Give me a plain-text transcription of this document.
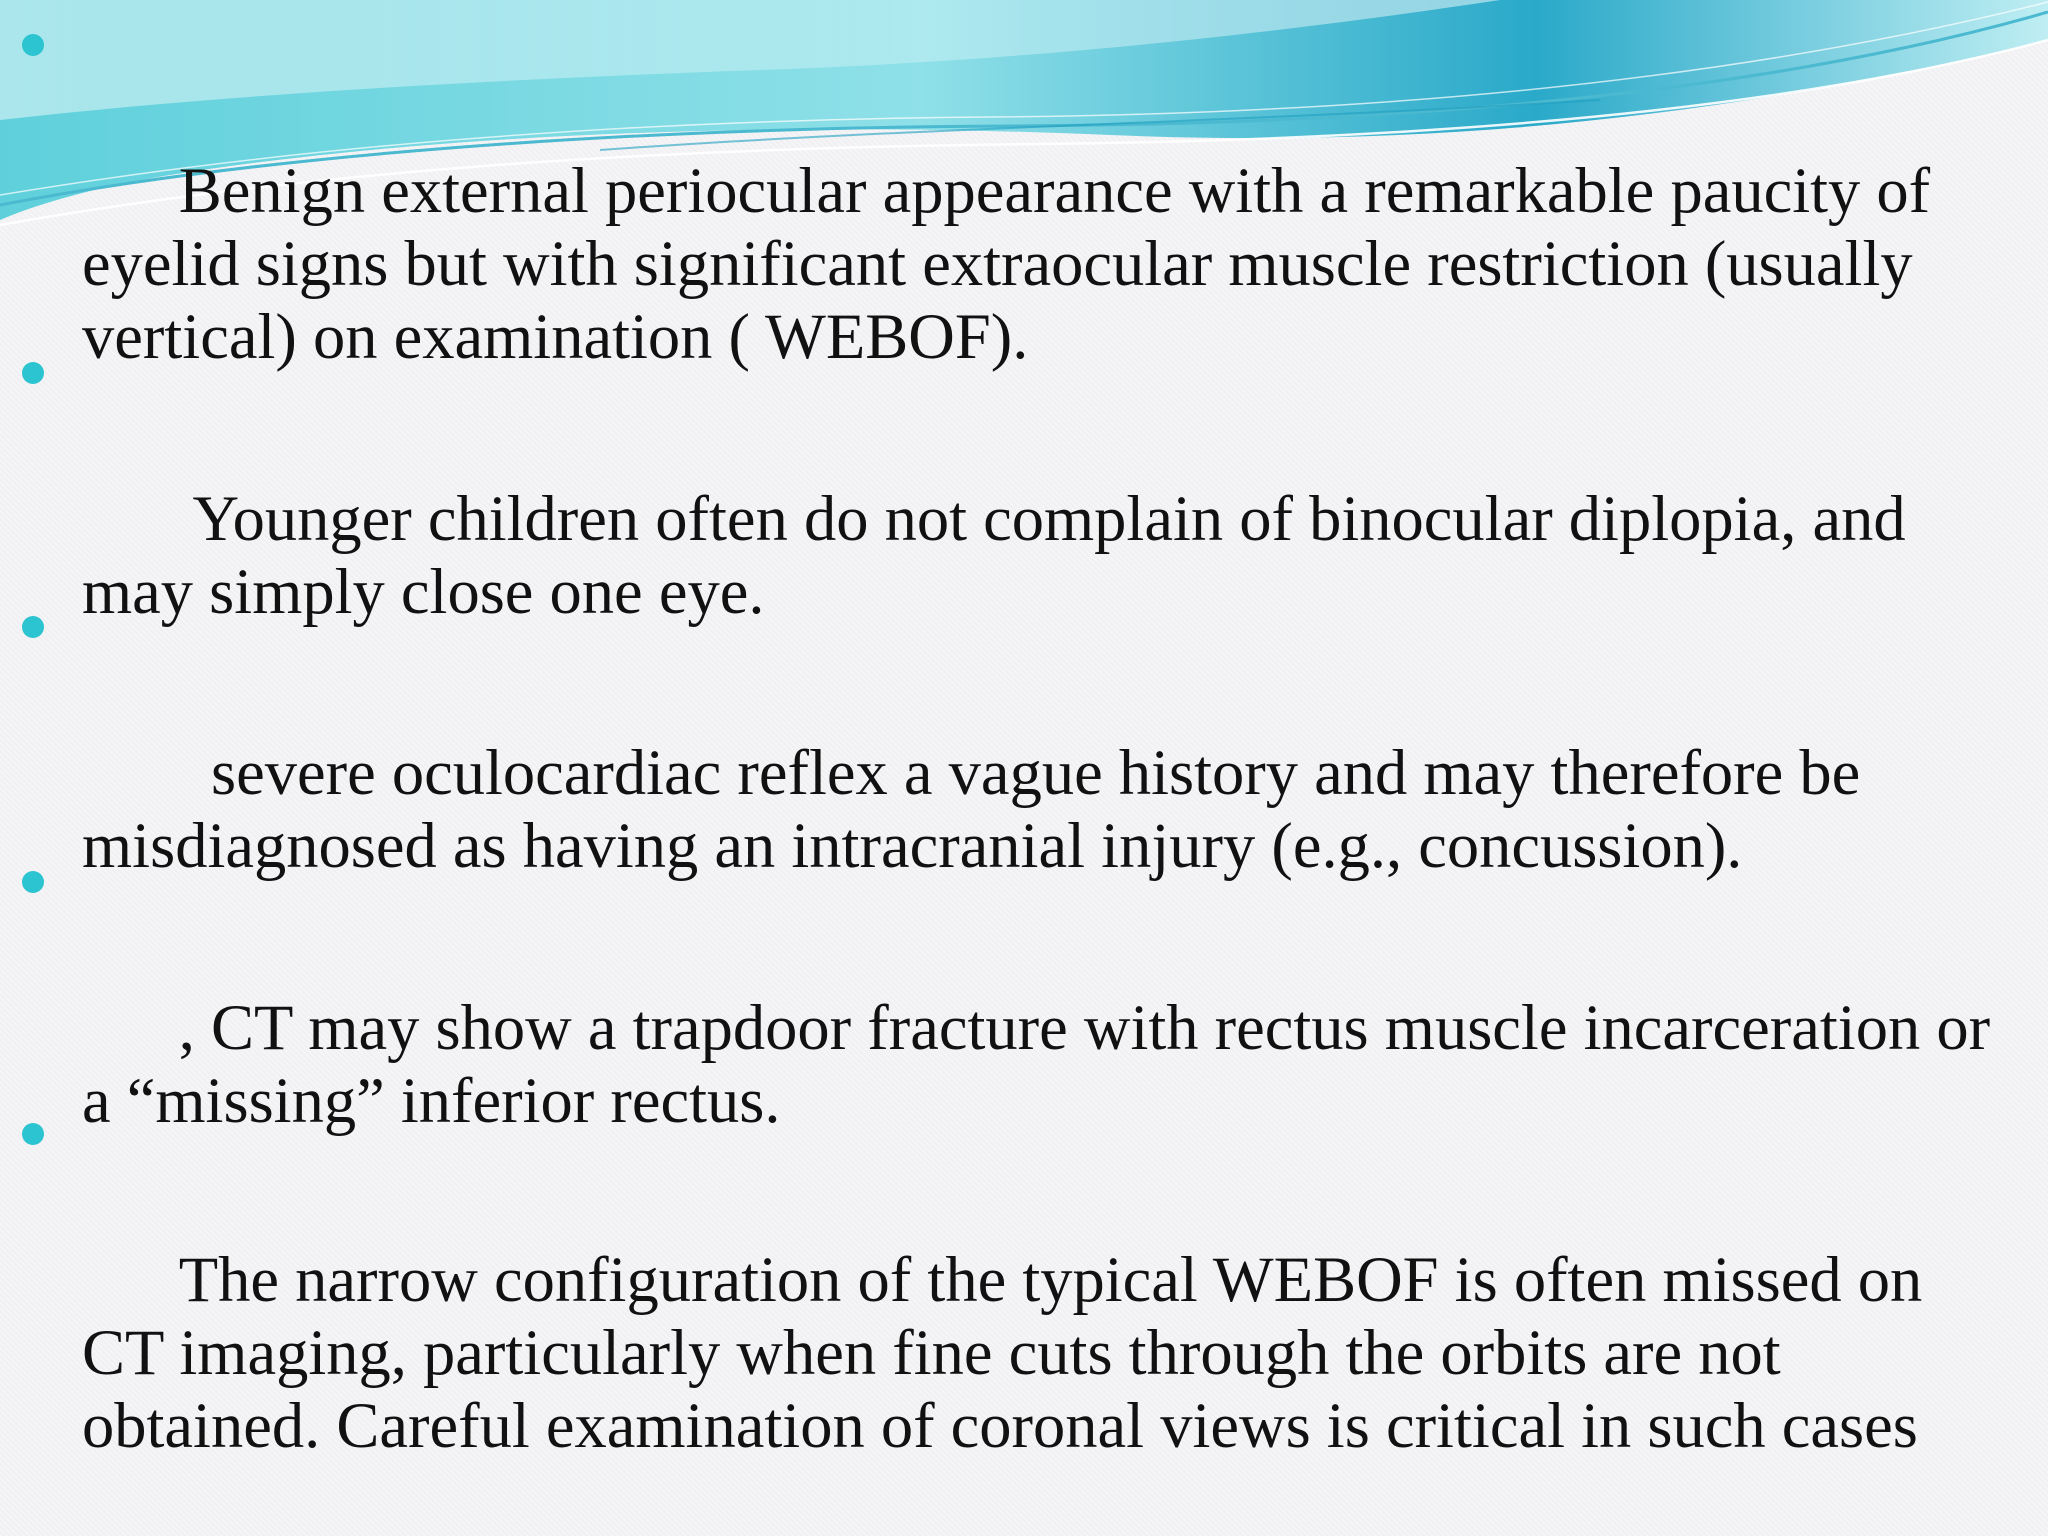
Benign external periocular appearance with a remarkable paucity of eyelid signs but with significant extraocular muscle restriction (usually vertical) on examination ( WEBOF).

Younger children often do not complain of binocular diplopia, and may simply close one eye.

severe oculocardiac reflex a vague history and may therefore be misdiagnosed as having an intracranial injury (e.g., concussion).

, CT may show a trapdoor fracture with rectus muscle incarceration or a “missing” inferior rectus.

The narrow configuration of the typical WEBOF is often missed on CT imaging, particularly when fine cuts through the orbits are not obtained. Careful examination of coronal views is critical in such cases
